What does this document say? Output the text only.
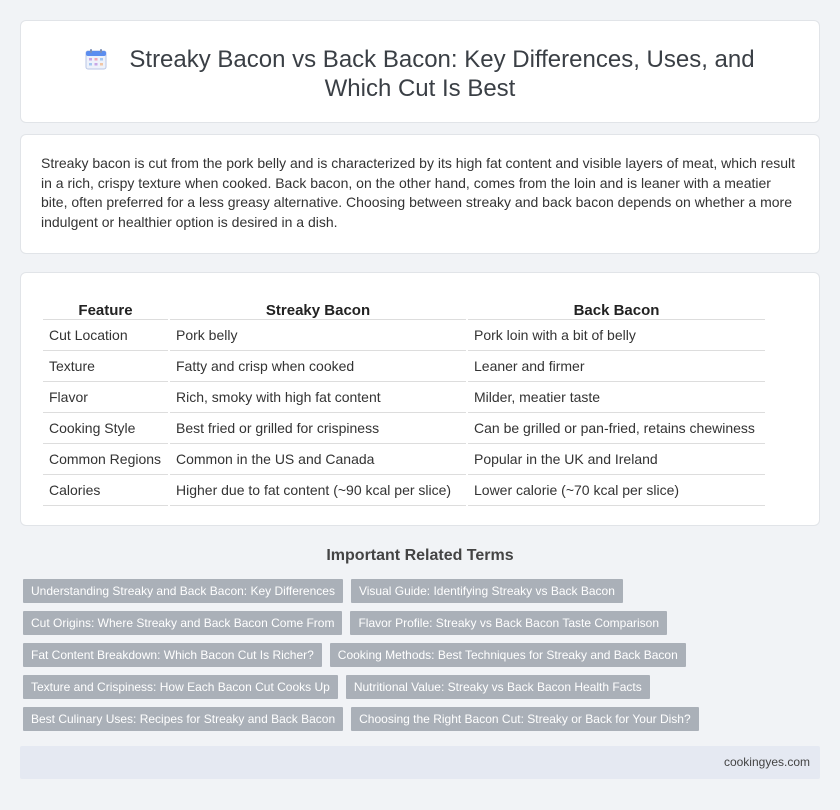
Streaky Bacon vs Back Bacon: Key Differences, Uses, and Which Cut Is Best

Streaky bacon is cut from the pork belly and is characterized by its high fat content and visible layers of meat, which result in a rich, crispy texture when cooked. Back bacon, on the other hand, comes from the loin and is leaner with a meatier bite, often preferred for a less greasy alternative. Choosing between streaky and back bacon depends on whether a more indulgent or healthier option is desired in a dish.

Feature	Streaky Bacon	Back Bacon
Cut Location	Pork belly	Pork loin with a bit of belly
Texture	Fatty and crisp when cooked	Leaner and firmer
Flavor	Rich, smoky with high fat content	Milder, meatier taste
Cooking Style	Best fried or grilled for crispiness	Can be grilled or pan-fried, retains chewiness
Common Regions	Common in the US and Canada	Popular in the UK and Ireland
Calories	Higher due to fat content (~90 kcal per slice)	Lower calorie (~70 kcal per slice)
Important Related Terms
Understanding Streaky and Back Bacon: Key Differences	Visual Guide: Identifying Streaky vs Back Bacon
Cut Origins: Where Streaky and Back Bacon Come From	Flavor Profile: Streaky vs Back Bacon Taste Comparison
Fat Content Breakdown: Which Bacon Cut Is Richer?	Cooking Methods: Best Techniques for Streaky and Back Bacon
Texture and Crispiness: How Each Bacon Cut Cooks Up	Nutritional Value: Streaky vs Back Bacon Health Facts
Best Culinary Uses: Recipes for Streaky and Back Bacon	Choosing the Right Bacon Cut: Streaky or Back for Your Dish?
cookingyes.com
